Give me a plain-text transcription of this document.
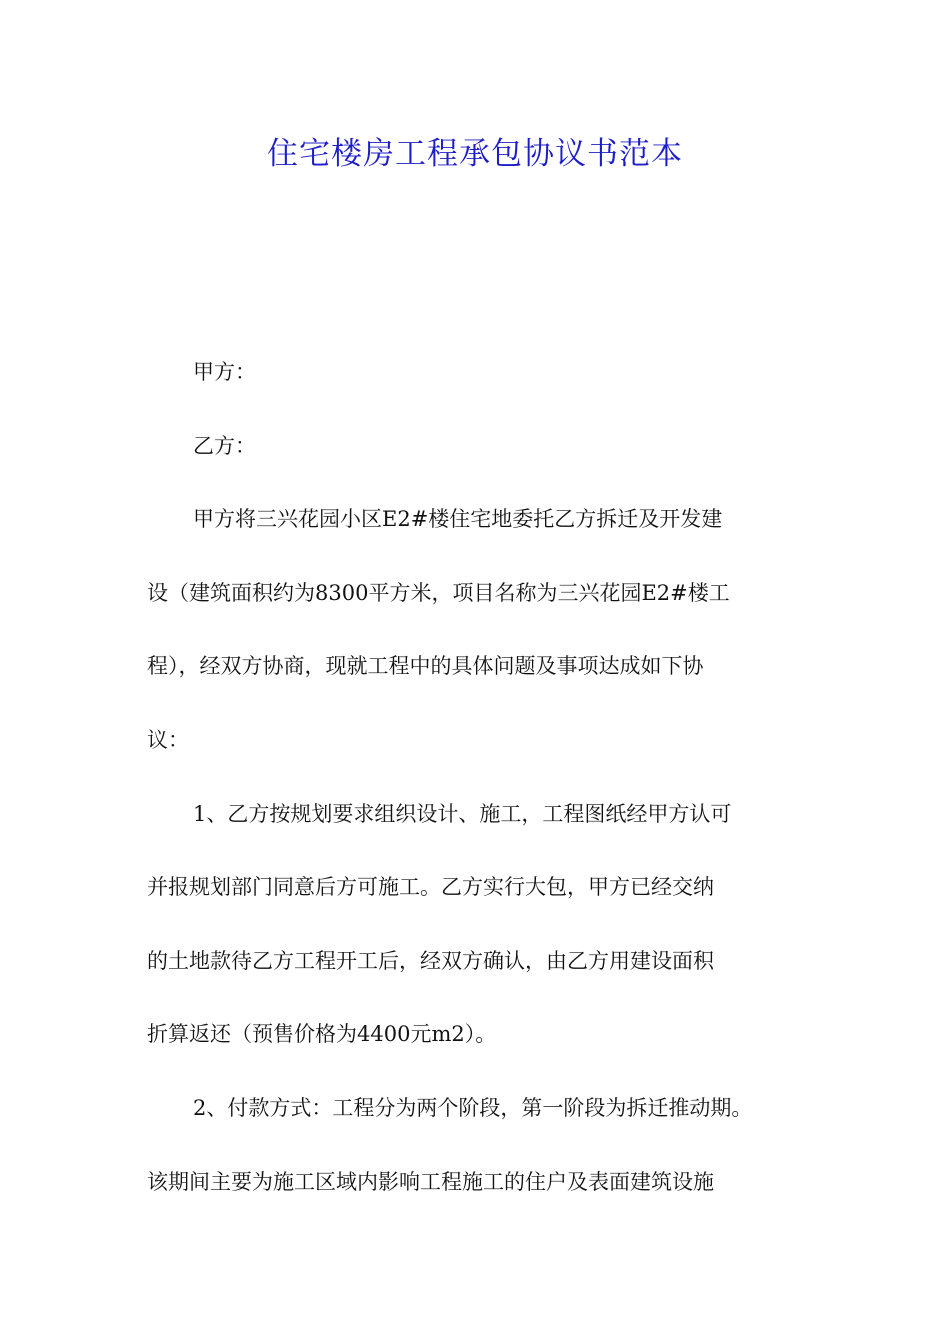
住宅楼房工程承包协议书范本
甲方：
乙方：
甲方将三兴花园小区E2#楼住宅地委托乙方拆迁及开发建
设（建筑面积约为8300平方米，项目名称为三兴花园E2#楼工
程），经双方协商，现就工程中的具体问题及事项达成如下协
议：
1、乙方按规划要求组织设计、施工，工程图纸经甲方认可
并报规划部门同意后方可施工。乙方实行大包，甲方已经交纳
的土地款待乙方工程开工后，经双方确认，由乙方用建设面积
折算返还（预售价格为4400元m2）。
2、付款方式：工程分为两个阶段，第一阶段为拆迁推动期。
该期间主要为施工区域内影响工程施工的住户及表面建筑设施
